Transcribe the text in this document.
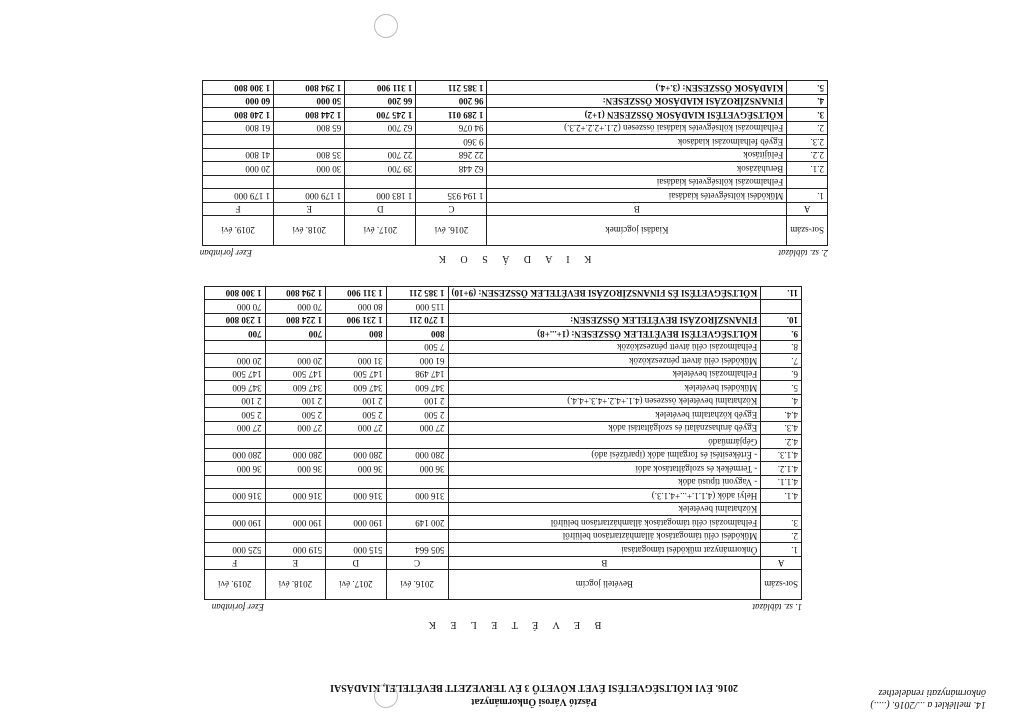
14. melléklet a .../2016. (.....)
önkormányzati rendelethez
Pásztó Városi Önkormányzat
2016. ÉVI KÖLTSÉGVETÉSI ÉVET KÖVETŐ 3 ÉV TERVEZETT BEVÉTELEI, KIADÁSAI
B E V É T E L E K
1. sz. táblázat
Ezer forintban
Sor-szám	Bevételi jogcím	2016. évi	2017. évi	2018. évi	2019. évi
A	B	C	D	E	F
1.	Önkormányzat működési támogatásai	505 664	515 000	519 000	525 000
2.	Működési célú támogatások államháztartáson belülről				
3.	Felhalmozási célú támogatások államháztartáson belülről	200 149	190 000	190 000	190 000
	Közhatalmi bevételek				
4.1.	Helyi adók (4.1.1.+...+4.1.3.)	316 000	316 000	316 000	316 000
4.1.1.	- Vagyoni típusú adók				
4.1.2.	- Termékek és szolgáltatások adói	36 000	36 000	36 000	36 000
4.1.3.	- Értékesítési és forgalmi adók (iparűzési adó)	280 000	280 000	280 000	280 000
4.2.	Gépjárműadó				
4.3.	Egyéb áruhasználati és szolgáltatási adók	27 000	27 000	27 000	27 000
4.4.	Egyéb közhatalmi bevételek	2 500	2 500	2 500	2 500
4.	Közhatalmi bevételek összesen (4.1.+4.2.+4.3.+4.4.)	2 100	2 100	2 100	2 100
5.	Működési bevételek	347 600	347 600	347 600	347 600
6.	Felhalmozási bevételek	147 498	147 500	147 500	147 500
7.	Működési célú átvett pénzeszközök	61 000	31 000	20 000	20 000
8.	Felhalmozási célú átvett pénzeszközök	7 500			
9.	KÖLTSÉGVETÉSI BEVÉTELEK ÖSSZESEN: (1+...+8)	800	800	700	700
10.	FINANSZÍROZÁSI BEVÉTELEK ÖSSZESEN:	1 270 211	1 231 900	1 224 800	1 230 800
		115 000	80 000	70 000	70 000
11.	KÖLTSÉGVETÉSI ÉS FINANSZÍROZÁSI BEVÉTELEK ÖSSZESEN: (9+10)	1 385 211	1 311 900	1 294 800	1 300 800
K I A D Á S O K	2. sz. táblázat
Ezer forintban
Sor-szám	Kiadási jogcímek	2016. évi	2017. évi	2018. évi	2019. évi
A	B	C	D	E	F
1.	Működési költségvetés kiadásai	1 194 935	1 183 000	1 179 000	1 179 000
	Felhalmozási költségvetés kiadásai				
2.1.	Beruházások	62 448	39 700	30 000	20 000
2.2.	Felújítások	22 268	22 700	35 800	41 800
2.3.	Egyéb felhalmozási kiadások	9 360			
2.	Felhalmozási költségvetés kiadásai összesen (2.1.+2.2.+2.3.)	94 076	62 700	65 800	61 800
3.	KÖLTSÉGVETÉSI KIADÁSOK ÖSSZESEN (1+2)	1 289 011	1 245 700	1 244 800	1 240 800
4.	FINANSZÍROZÁSI KIADÁSOK ÖSSZESEN:	96 200	66 200	50 000	60 000
5.	KIADÁSOK ÖSSZESEN: (3.+4.)	1 385 211	1 311 900	1 294 800	1 300 800
